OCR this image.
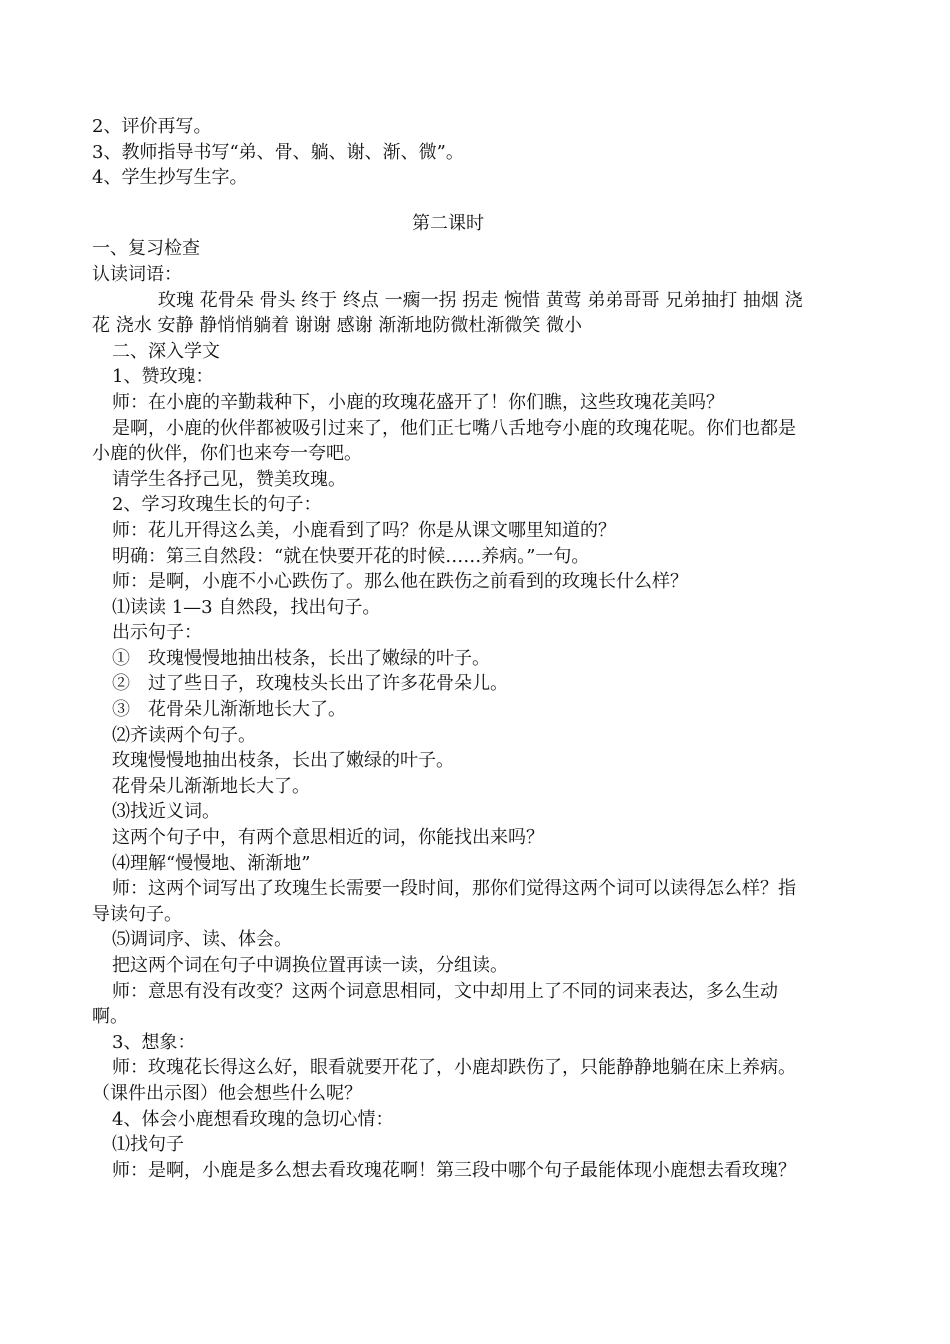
2、评价再写。

3、教师指导书写“弟、骨、躺、谢、渐、微”。

4、学生抄写生字。

第二课时

一、复习检查

认读词语：

玫瑰 花骨朵 骨头 终于 终点 一瘸一拐 拐走 惋惜 黄莺 弟弟哥哥 兄弟抽打 抽烟 浇花 浇水 安静 静悄悄躺着 谢谢 感谢 渐渐地防微杜渐微笑 微小

二、深入学文

1、赞玫瑰：

师：在小鹿的辛勤栽种下，小鹿的玫瑰花盛开了！你们瞧，这些玫瑰花美吗？

是啊，小鹿的伙伴都被吸引过来了，他们正七嘴八舌地夸小鹿的玫瑰花呢。你们也都是小鹿的伙伴，你们也来夸一夸吧。

请学生各抒己见，赞美玫瑰。

2、学习玫瑰生长的句子：

师：花儿开得这么美，小鹿看到了吗？你是从课文哪里知道的？

明确：第三自然段：“就在快要开花的时候……养病。”一句。

师：是啊，小鹿不小心跌伤了。那么他在跌伤之前看到的玫瑰长什么样？

⑴读读 1—3 自然段，找出句子。

出示句子：

①　玫瑰慢慢地抽出枝条，长出了嫩绿的叶子。

②　过了些日子，玫瑰枝头长出了许多花骨朵儿。

③　花骨朵儿渐渐地长大了。

⑵齐读两个句子。

玫瑰慢慢地抽出枝条，长出了嫩绿的叶子。

花骨朵儿渐渐地长大了。

⑶找近义词。

这两个句子中，有两个意思相近的词，你能找出来吗？

⑷理解“慢慢地、渐渐地”

师：这两个词写出了玫瑰生长需要一段时间，那你们觉得这两个词可以读得怎么样？指导读句子。

⑸调词序、读、体会。

把这两个词在句子中调换位置再读一读，分组读。

师：意思有没有改变？这两个词意思相同，文中却用上了不同的词来表达，多么生动啊。

3、想象：

师：玫瑰花长得这么好，眼看就要开花了，小鹿却跌伤了，只能静静地躺在床上养病。（课件出示图）他会想些什么呢？

4、体会小鹿想看玫瑰的急切心情：

⑴找句子

师：是啊，小鹿是多么想去看玫瑰花啊！第三段中哪个句子最能体现小鹿想去看玫瑰？
